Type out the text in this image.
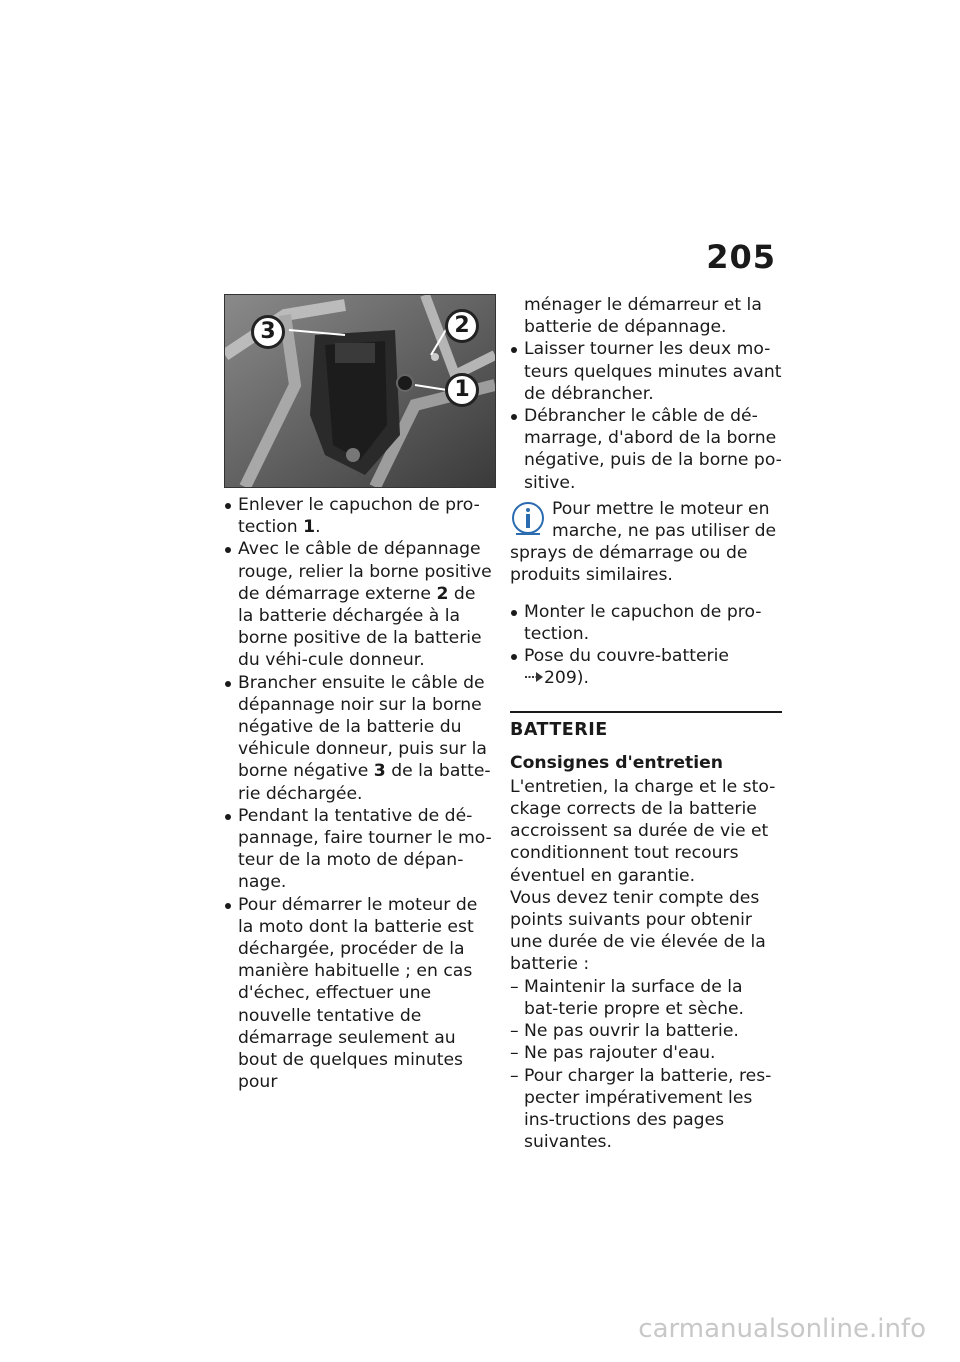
205
3	2
1
Enlever le capuchon de pro-
tection 1.
Avec le câble de dépannage rouge, relier la borne positive de démarrage externe 2 de la batterie déchargée à la borne positive de la batterie du véhi-cule donneur.
Brancher ensuite le câble de dépannage noir sur la borne négative de la batterie du véhicule donneur, puis sur la borne négative 3 de la batte-rie déchargée.
Pendant la tentative de dé-pannage, faire tourner le mo-teur de la moto de dépan-nage.
Pour démarrer le moteur de la moto dont la batterie est déchargée, procéder de la manière habituelle ; en cas d'échec, effectuer une nouvelle tentative de démarrage seulement au bout de quelques minutes pour

ménager le démarreur et la batterie de dépannage.

Laisser tourner les deux mo-teurs quelques minutes avant de débrancher.
Débrancher le câble de dé-marrage, d'abord de la borne négative, puis de la borne po-sitive.
Pour mettre le moteur en marche, ne pas utiliser de sprays de démarrage ou de produits similaires.
Monter le capuchon de pro-tection.
Pose du couvre-batterie
209).
BATTERIE
Consignes d'entretien

L'entretien, la charge et le sto-ckage corrects de la batterie accroissent sa durée de vie et conditionnent tout recours éventuel en garantie.

Vous devez tenir compte des points suivants pour obtenir une durée de vie élevée de la batterie :

– Maintenir la surface de la bat-terie propre et sèche.
– Ne pas ouvrir la batterie.
– Ne pas rajouter d'eau.
– Pour charger la batterie, res-pecter impérativement les ins-tructions des pages suivantes.
carmanualsonline.info
